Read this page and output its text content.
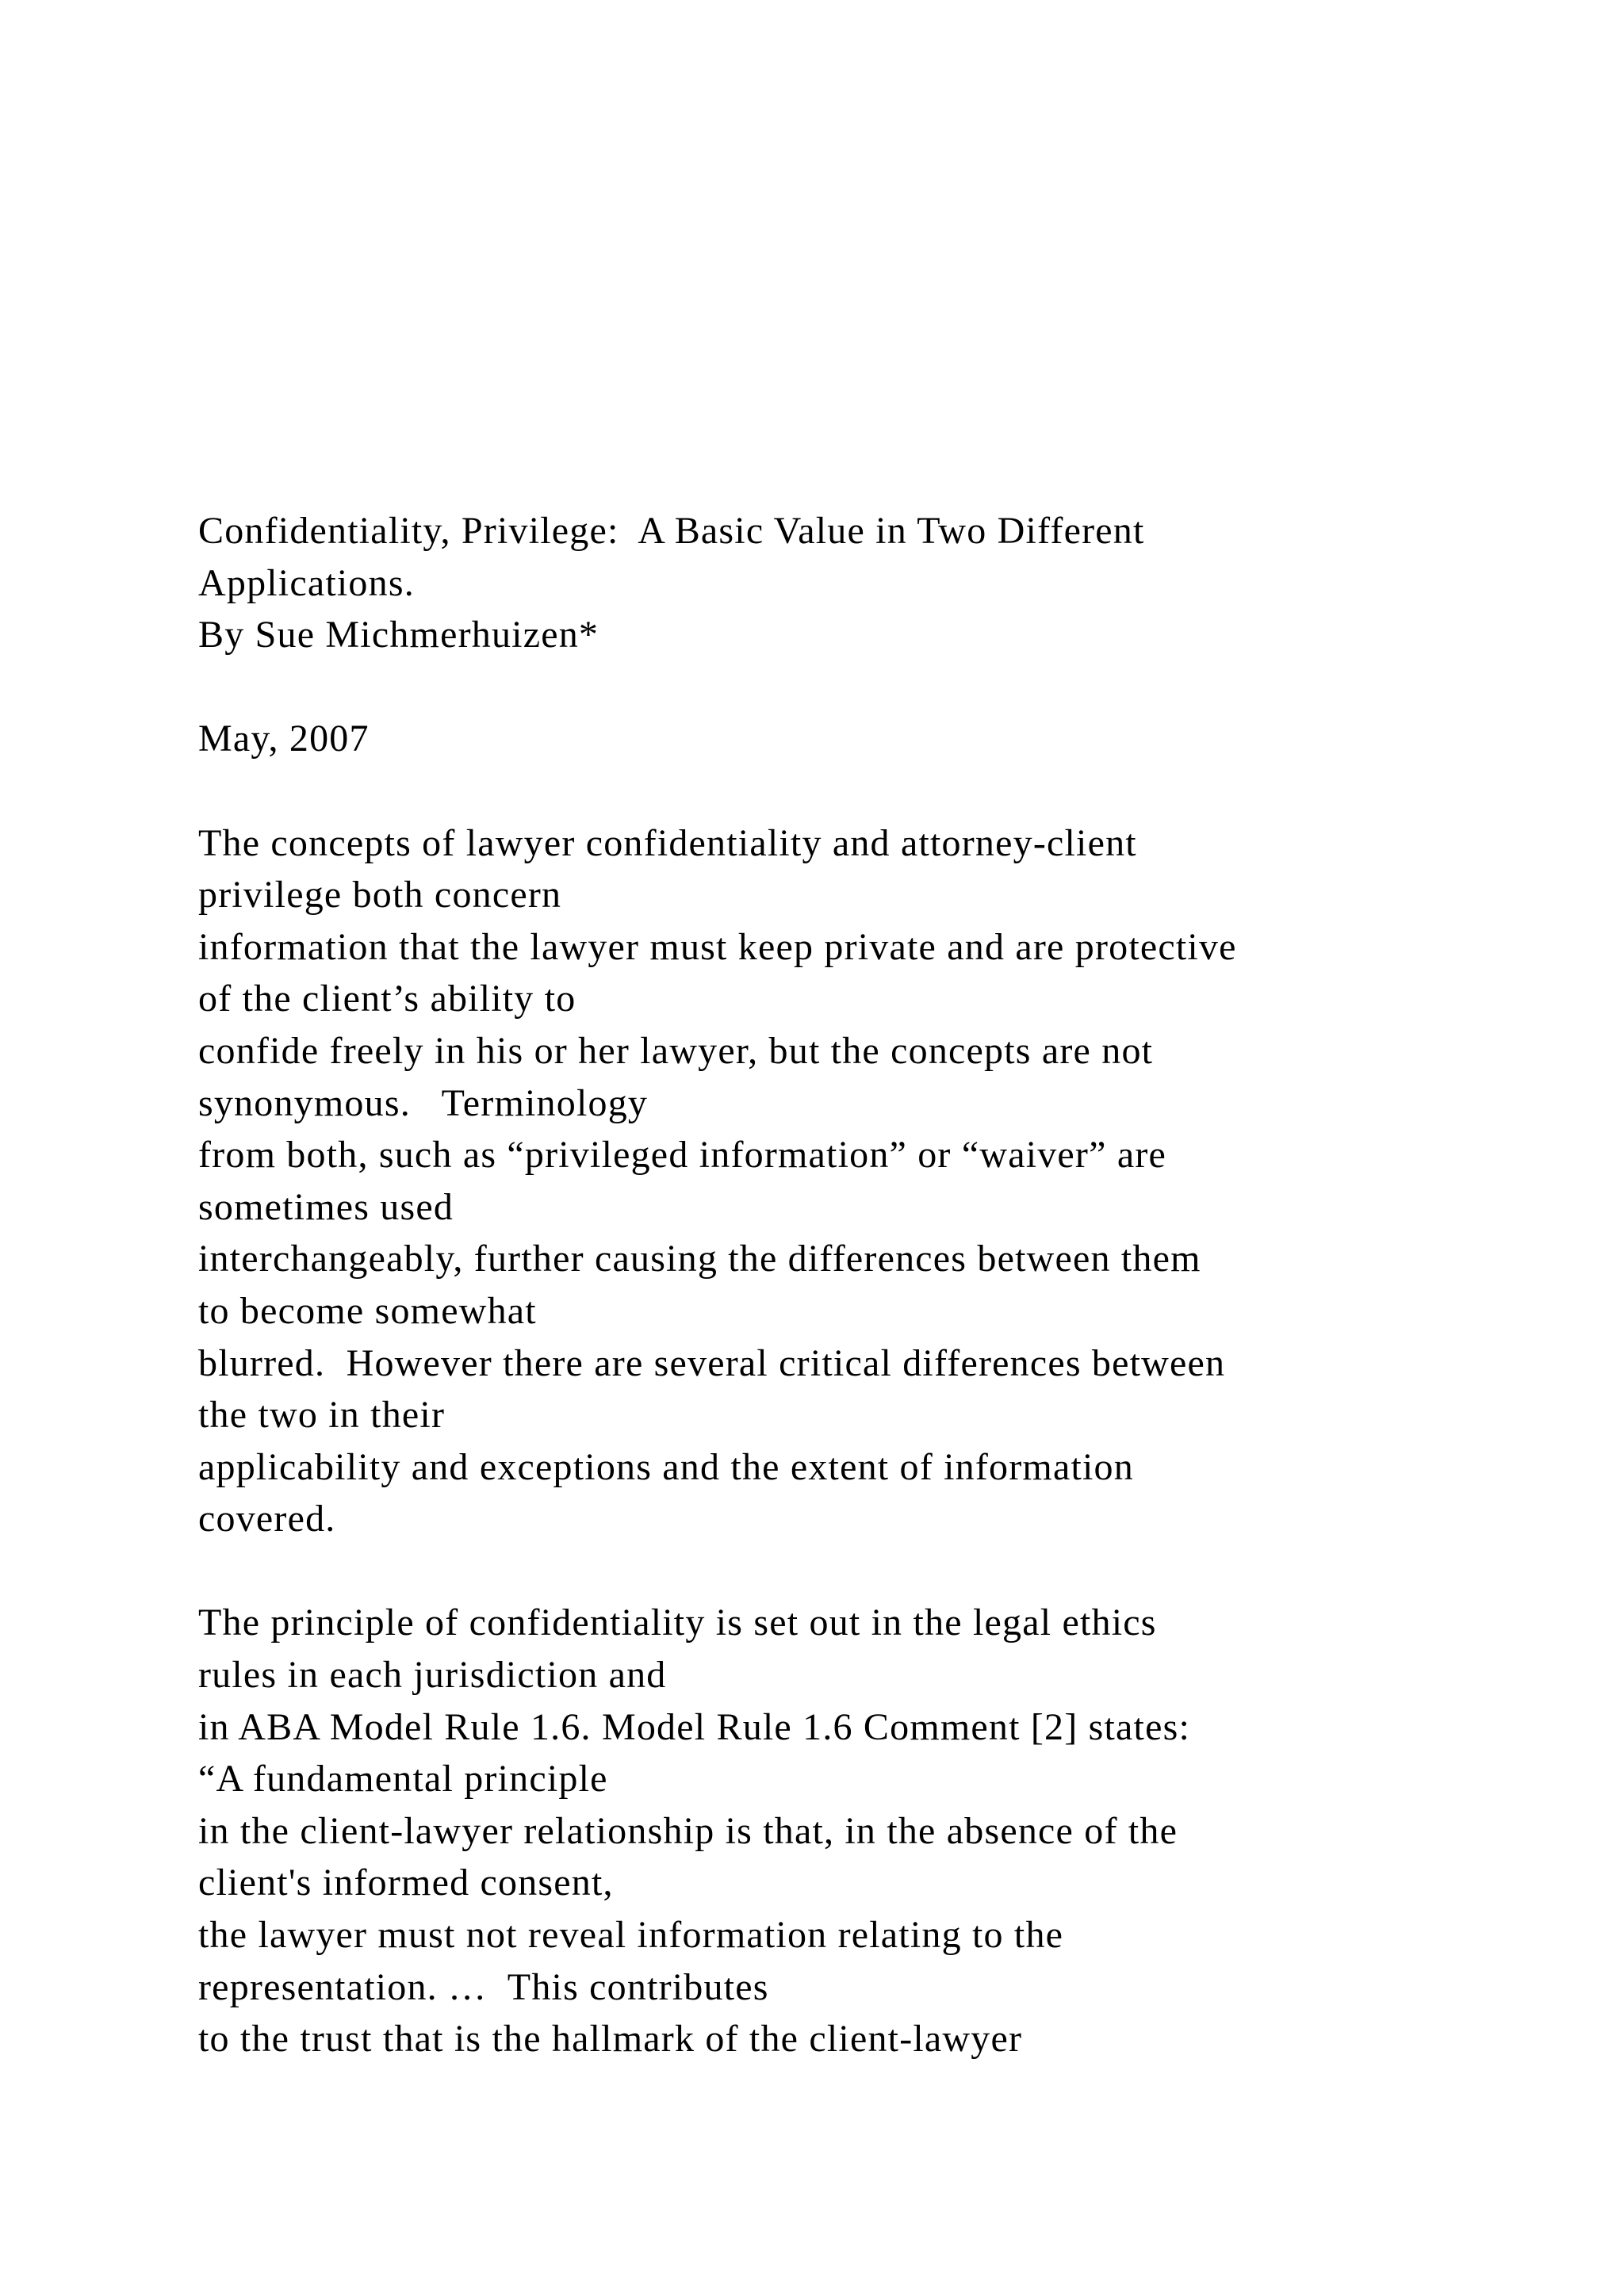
Confidentiality, Privilege:  A Basic Value in Two Different
Applications.
By Sue Michmerhuizen*
May, 2007
The concepts of lawyer confidentiality and attorney-client
privilege both concern
information that the lawyer must keep private and are protective
of the client’s ability to
confide freely in his or her lawyer, but the concepts are not
synonymous.   Terminology
from both, such as “privileged information” or “waiver” are
sometimes used
interchangeably, further causing the differences between them
to become somewhat
blurred.  However there are several critical differences between
the two in their
applicability and exceptions and the extent of information
covered.
The principle of confidentiality is set out in the legal ethics
rules in each jurisdiction and
in ABA Model Rule 1.6. Model Rule 1.6 Comment [2] states:
“A fundamental principle
in the client-lawyer relationship is that, in the absence of the
client's informed consent,
the lawyer must not reveal information relating to the
representation. …  This contributes
to the trust that is the hallmark of the client-lawyer
